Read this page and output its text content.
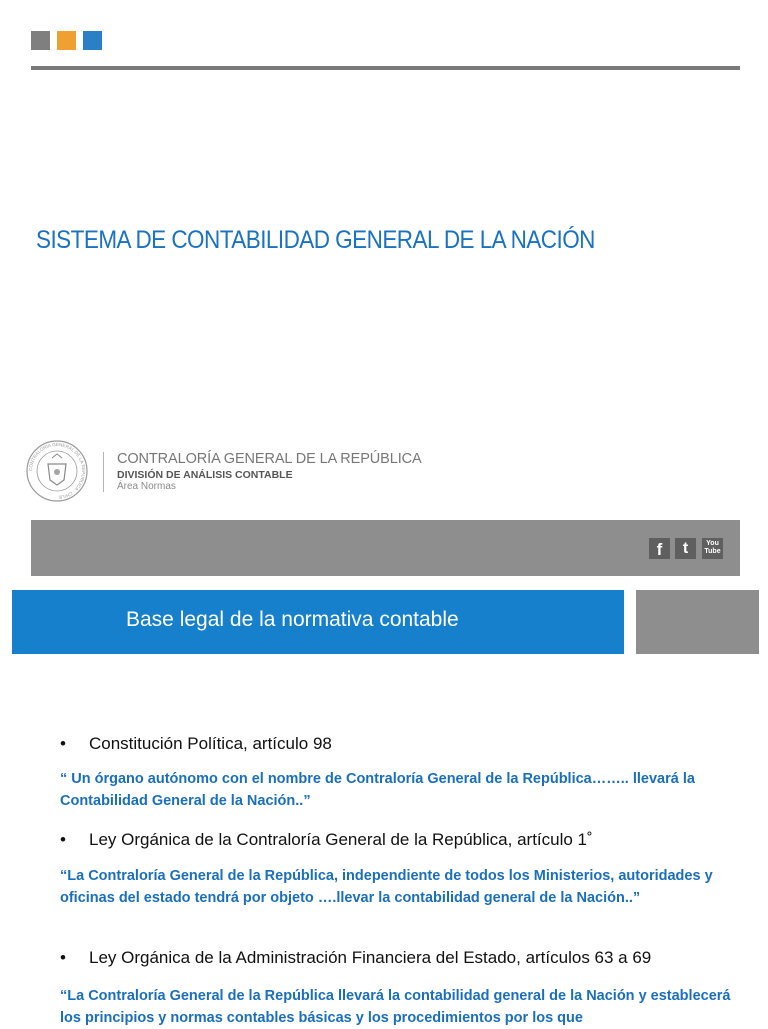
SISTEMA DE CONTABILIDAD GENERAL DE LA NACIÓN
CONTRALORIA GENERAL DE LA REPUBLICA · CHILE
CONTRALORÍA GENERAL DE LA REPÚBLICA
DIVISIÓN DE ANÁLISIS CONTABLE
Área Normas
f	t	You
Tube
Base legal de la normativa contable
• Constitución Política, artículo 98
“ Un órgano autónomo con el nombre de Contraloría General de la República…….. llevará la Contabilidad General de la Nación..”
• Ley Orgánica de la Contraloría General de la República, artículo 1˚
“La Contraloría General de la República, independiente de todos los Ministerios, autoridades y oficinas del estado tendrá por objeto ….llevar la contabilidad general de la Nación..”
• Ley Orgánica de la Administración Financiera del Estado, artículos 63 a 69
“La Contraloría General de la República llevará la contabilidad general de la Nación y establecerá los principios y normas contables básicas y los procedimientos por los que
